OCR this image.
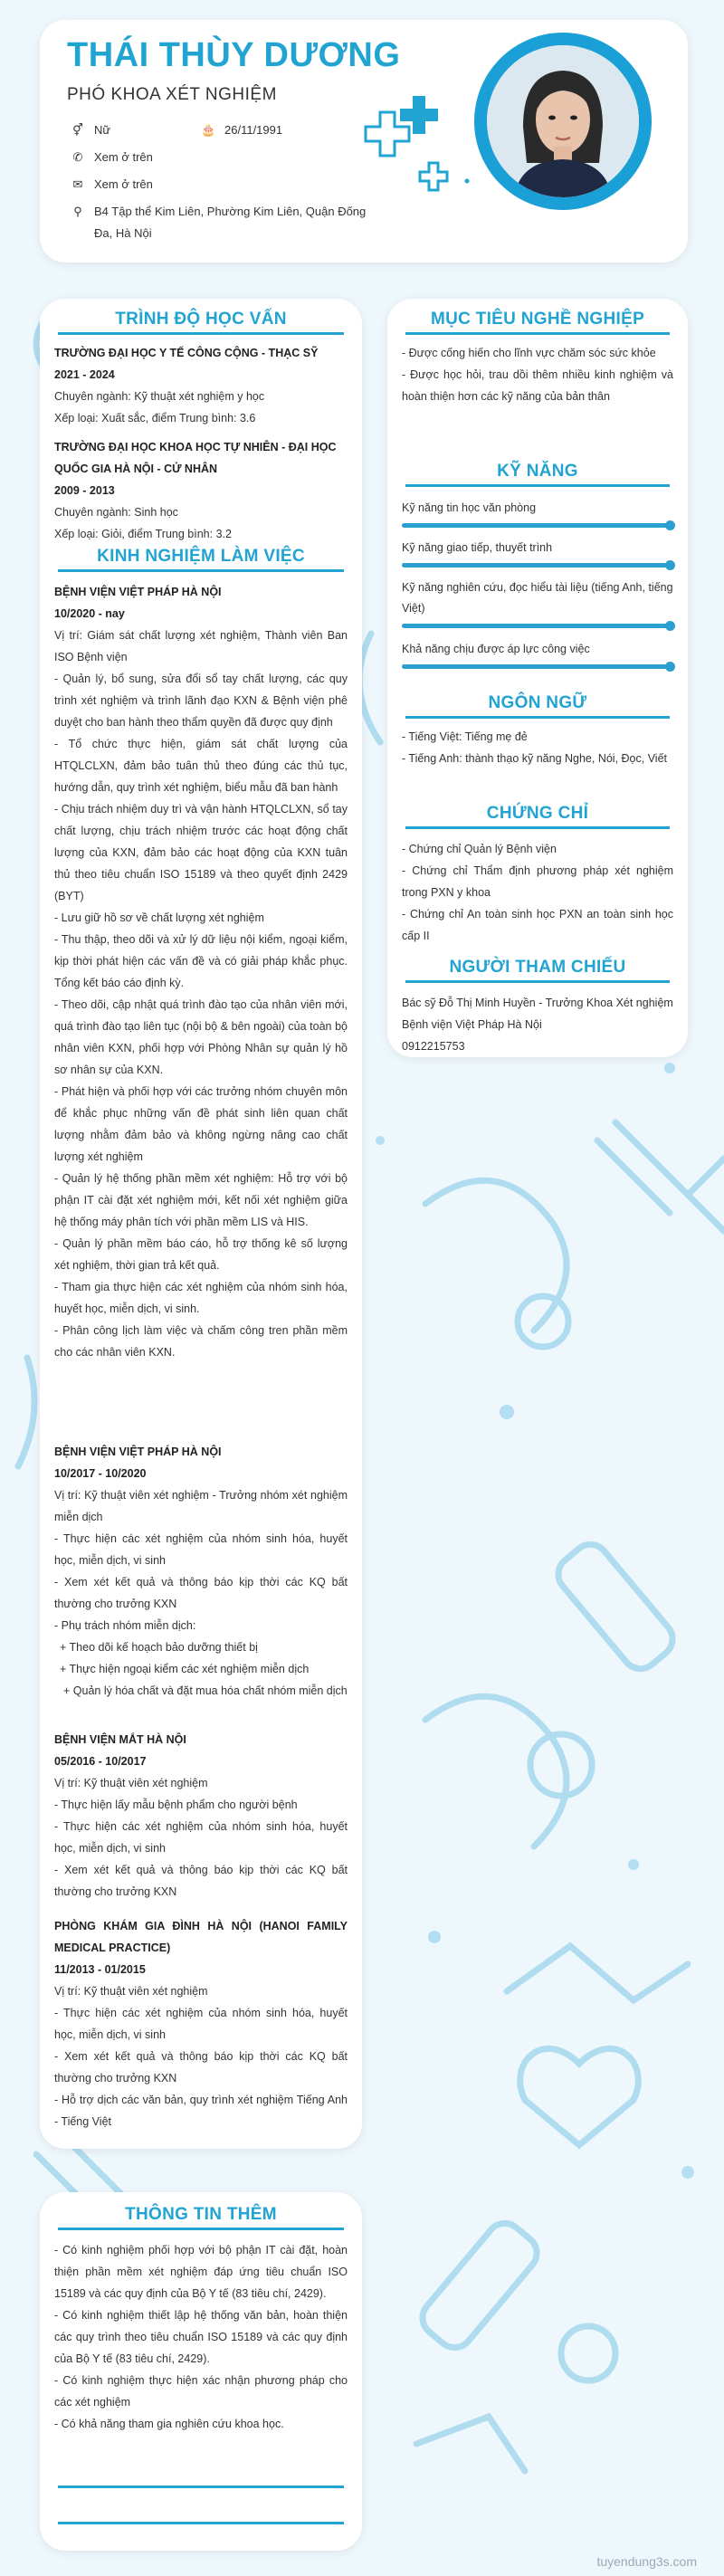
THÁI THÙY DƯƠNG
PHÓ KHOA XÉT NGHIỆM
⚥ Nữ	🎂 26/11/1991
✆ Xem ở trên
✉ Xem ở trên
⚲ B4 Tập thể Kim Liên, Phường Kim Liên, Quận Đống Đa, Hà Nội
TRÌNH ĐỘ HỌC VẤN
TRƯỜNG ĐẠI HỌC Y TẾ CÔNG CỘNG - THẠC SỸ
2021 - 2024
Chuyên ngành: Kỹ thuật xét nghiệm y học
Xếp loại: Xuất sắc, điểm Trung bình: 3.6
TRƯỜNG ĐẠI HỌC KHOA HỌC TỰ NHIÊN - ĐẠI HỌC QUỐC GIA HÀ NỘI - CỬ NHÂN
2009 - 2013
Chuyên ngành: Sinh học
Xếp loại: Giỏi, điểm Trung bình: 3.2
KINH NGHIỆM LÀM VIỆC
BỆNH VIỆN VIỆT PHÁP HÀ NỘI
10/2020 - nay
Vị trí: Giám sát chất lượng xét nghiệm, Thành viên Ban ISO Bệnh viện
- Quản lý, bổ sung, sửa đổi sổ tay chất lượng, các quy trình xét nghiệm và trình lãnh đạo KXN & Bệnh viện phê duyệt cho ban hành theo thẩm quyền đã được quy định
- Tổ chức thực hiện, giám sát chất lượng của HTQLCLXN, đảm bảo tuân thủ theo đúng các thủ tục, hướng dẫn, quy trình xét nghiệm, biểu mẫu đã ban hành
- Chịu trách nhiệm duy trì và vận hành HTQLCLXN, sổ tay chất lượng, chịu trách nhiệm trước các hoạt động chất lượng của KXN, đảm bảo các hoạt động của KXN tuân thủ theo tiêu chuẩn ISO 15189 và theo quyết định 2429 (BYT)
- Lưu giữ hồ sơ về chất lượng xét nghiệm
- Thu thập, theo dõi và xử lý dữ liệu nội kiểm, ngoại kiểm, kịp thời phát hiện các vấn đề và có giải pháp khắc phục. Tổng kết báo cáo định kỳ.
- Theo dõi, cập nhật quá trình đào tạo của nhân viên mới, quá trình đào tạo liên tục (nội bộ & bên ngoài) của toàn bộ nhân viên KXN, phối hợp với Phòng Nhân sự quản lý hồ sơ nhân sự của KXN.
- Phát hiện và phối hợp với các trưởng nhóm chuyên môn để khắc phục những vấn đề phát sinh liên quan chất lượng nhằm đảm bảo và không ngừng nâng cao chất lượng xét nghiệm
- Quản lý hệ thống phần mềm xét nghiệm: Hỗ trợ với bộ phận IT cài đặt xét nghiệm mới, kết nối xét nghiệm giữa hệ thống máy phân tích với phần mềm LIS và HIS.
- Quản lý phần mềm báo cáo, hỗ trợ thống kê số lượng xét nghiệm, thời gian trả kết quả.
- Tham gia thực hiện các xét nghiệm của nhóm sinh hóa, huyết học, miễn dịch, vi sinh.
- Phân công lịch làm việc và chấm công tren phần mềm cho các nhân viên KXN.
BỆNH VIỆN VIỆT PHÁP HÀ NỘI
10/2017 - 10/2020
Vị trí: Kỹ thuật viên xét nghiệm - Trưởng nhóm xét nghiệm miễn dịch
- Thực hiện các xét nghiệm của nhóm sinh hóa, huyết học, miễn dịch, vi sinh
- Xem xét kết quả và thông báo kịp thời các KQ bất thường cho trưởng KXN
- Phụ trách nhóm miễn dịch:
+ Theo dõi kế hoạch bảo dưỡng thiết bị
+ Thực hiện ngoại kiểm các xét nghiệm miễn dịch
+ Quản lý hóa chất và đặt mua hóa chất nhóm miễn dịch
BỆNH VIỆN MẮT HÀ NỘI
05/2016 - 10/2017
Vị trí: Kỹ thuật viên xét nghiệm
- Thực hiện lấy mẫu bệnh phẩm cho người bệnh
- Thực hiện các xét nghiệm của nhóm sinh hóa, huyết học, miễn dịch, vi sinh
- Xem xét kết quả và thông báo kịp thời các KQ bất thường cho trưởng KXN
PHÒNG KHÁM GIA ĐÌNH HÀ NỘI (HANOI FAMILY MEDICAL PRACTICE)
11/2013 - 01/2015
Vị trí: Kỹ thuật viên xét nghiệm
- Thực hiện các xét nghiệm của nhóm sinh hóa, huyết học, miễn dịch, vi sinh
- Xem xét kết quả và thông báo kịp thời các KQ bất thường cho trưởng KXN
- Hỗ trợ dịch các văn bản, quy trình xét nghiệm Tiếng Anh - Tiếng Việt
MỤC TIÊU NGHỀ NGHIỆP
- Được cống hiến cho lĩnh vực chăm sóc sức khỏe
- Được học hỏi, trau dồi thêm nhiều kinh nghiệm và hoàn thiện hơn các kỹ năng của bản thân
KỸ NĂNG
Kỹ năng tin học văn phòng
Kỹ năng giao tiếp, thuyết trình
Kỹ năng nghiên cứu, đọc hiểu tài liệu (tiếng Anh, tiếng Việt)
Khả năng chịu được áp lực công việc
NGÔN NGỮ
- Tiếng Việt: Tiếng mẹ đẻ
- Tiếng Anh: thành thạo kỹ năng Nghe, Nói, Đọc, Viết
CHỨNG CHỈ
- Chứng chỉ Quản lý Bệnh viện
- Chứng chỉ Thẩm định phương pháp xét nghiệm trong PXN y khoa
- Chứng chỉ An toàn sinh học PXN an toàn sinh học cấp II
NGƯỜI THAM CHIẾU
Bác sỹ Đỗ Thị Minh Huyền - Trưởng Khoa Xét nghiệm Bệnh viện Việt Pháp Hà Nội
0912215753
THÔNG TIN THÊM
- Có kinh nghiệm phối hợp với bộ phận IT cài đặt, hoàn thiện phần mềm xét nghiệm đáp ứng tiêu chuẩn ISO 15189 và các quy định của Bộ Y tế (83 tiêu chí, 2429).
- Có kinh nghiệm thiết lập hệ thống văn bản, hoàn thiện các quy trình theo tiêu chuẩn ISO 15189 và các quy định của Bộ Y tế (83 tiêu chí, 2429).
- Có kinh nghiệm thực hiện xác nhận phương pháp cho các xét nghiệm
- Có khả năng tham gia nghiên cứu khoa học.
tuyendung3s.com
